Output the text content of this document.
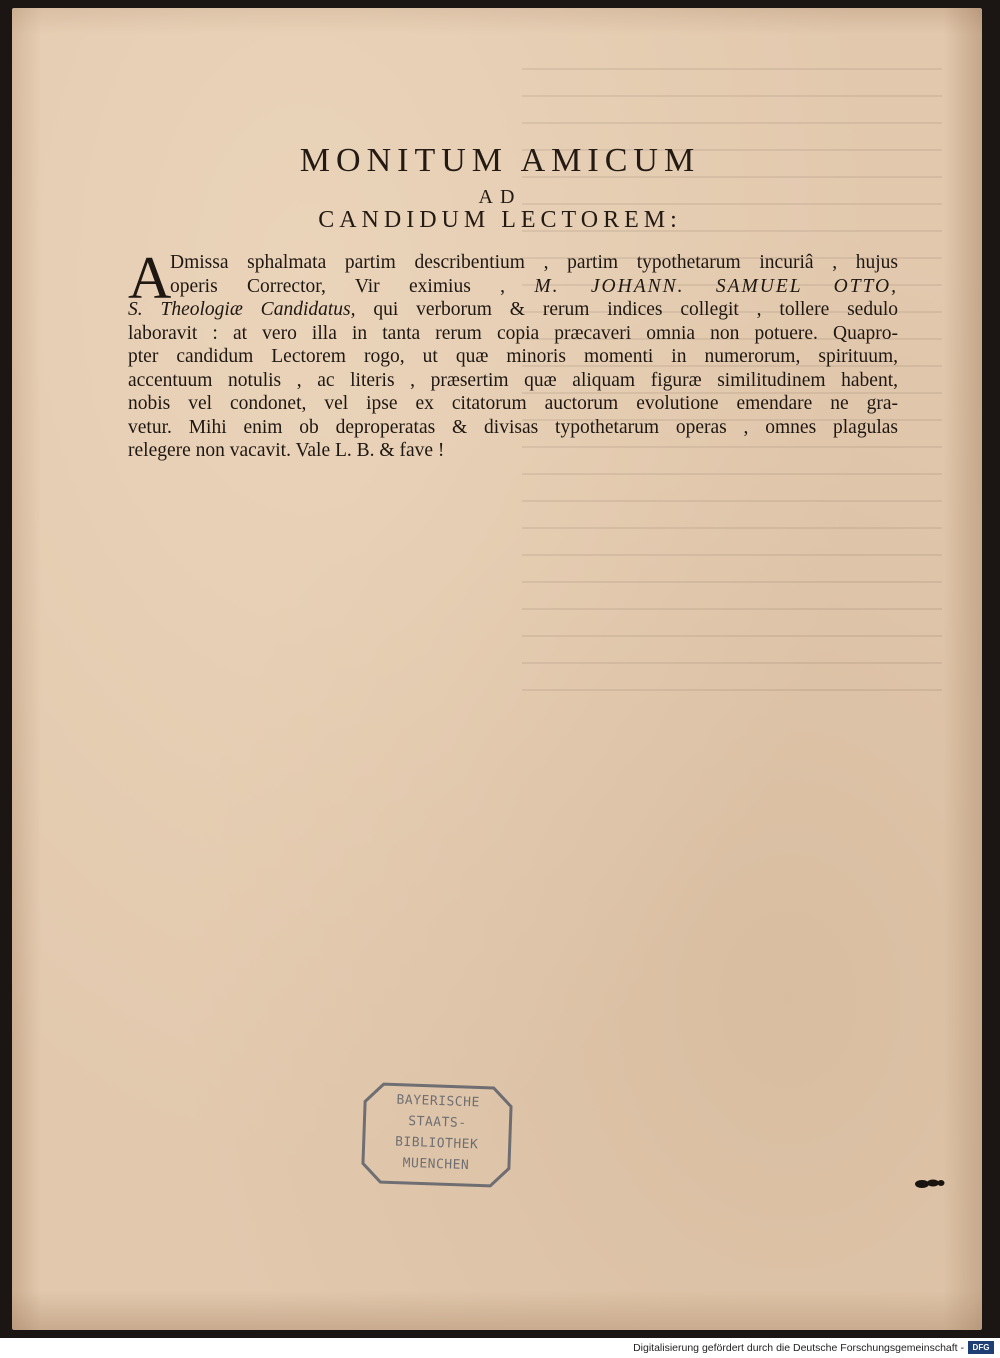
MONITUM AMICUM
AD
CANDIDUM LECTOREM:
A
Dmissa sphalmata partim describentium , partim typothetarum incuriâ , hujus
operis Corrector, Vir eximius , M. JOHANN. SAMUEL OTTO,
S. Theologiæ Candidatus, qui verborum & rerum indices collegit , tollere sedulo
laboravit : at vero illa in tanta rerum copia præcaveri omnia non potuere. Quapro-
pter candidum Lectorem rogo, ut quæ minoris momenti in numerorum, spirituum,
accentuum notulis , ac literis , præsertim quæ aliquam figuræ similitudinem habent,
nobis vel condonet, vel ipse ex citatorum auctorum evolutione emendare ne gra-
vetur. Mihi enim ob deproperatas & divisas typothetarum operas , omnes plagulas
relegere non vacavit. Vale L. B. & fave !
BAYERISCHE
STAATS-
BIBLIOTHEK
MUENCHEN
Digitalisierung gefördert durch die Deutsche Forschungsgemeinschaft -	DFG
